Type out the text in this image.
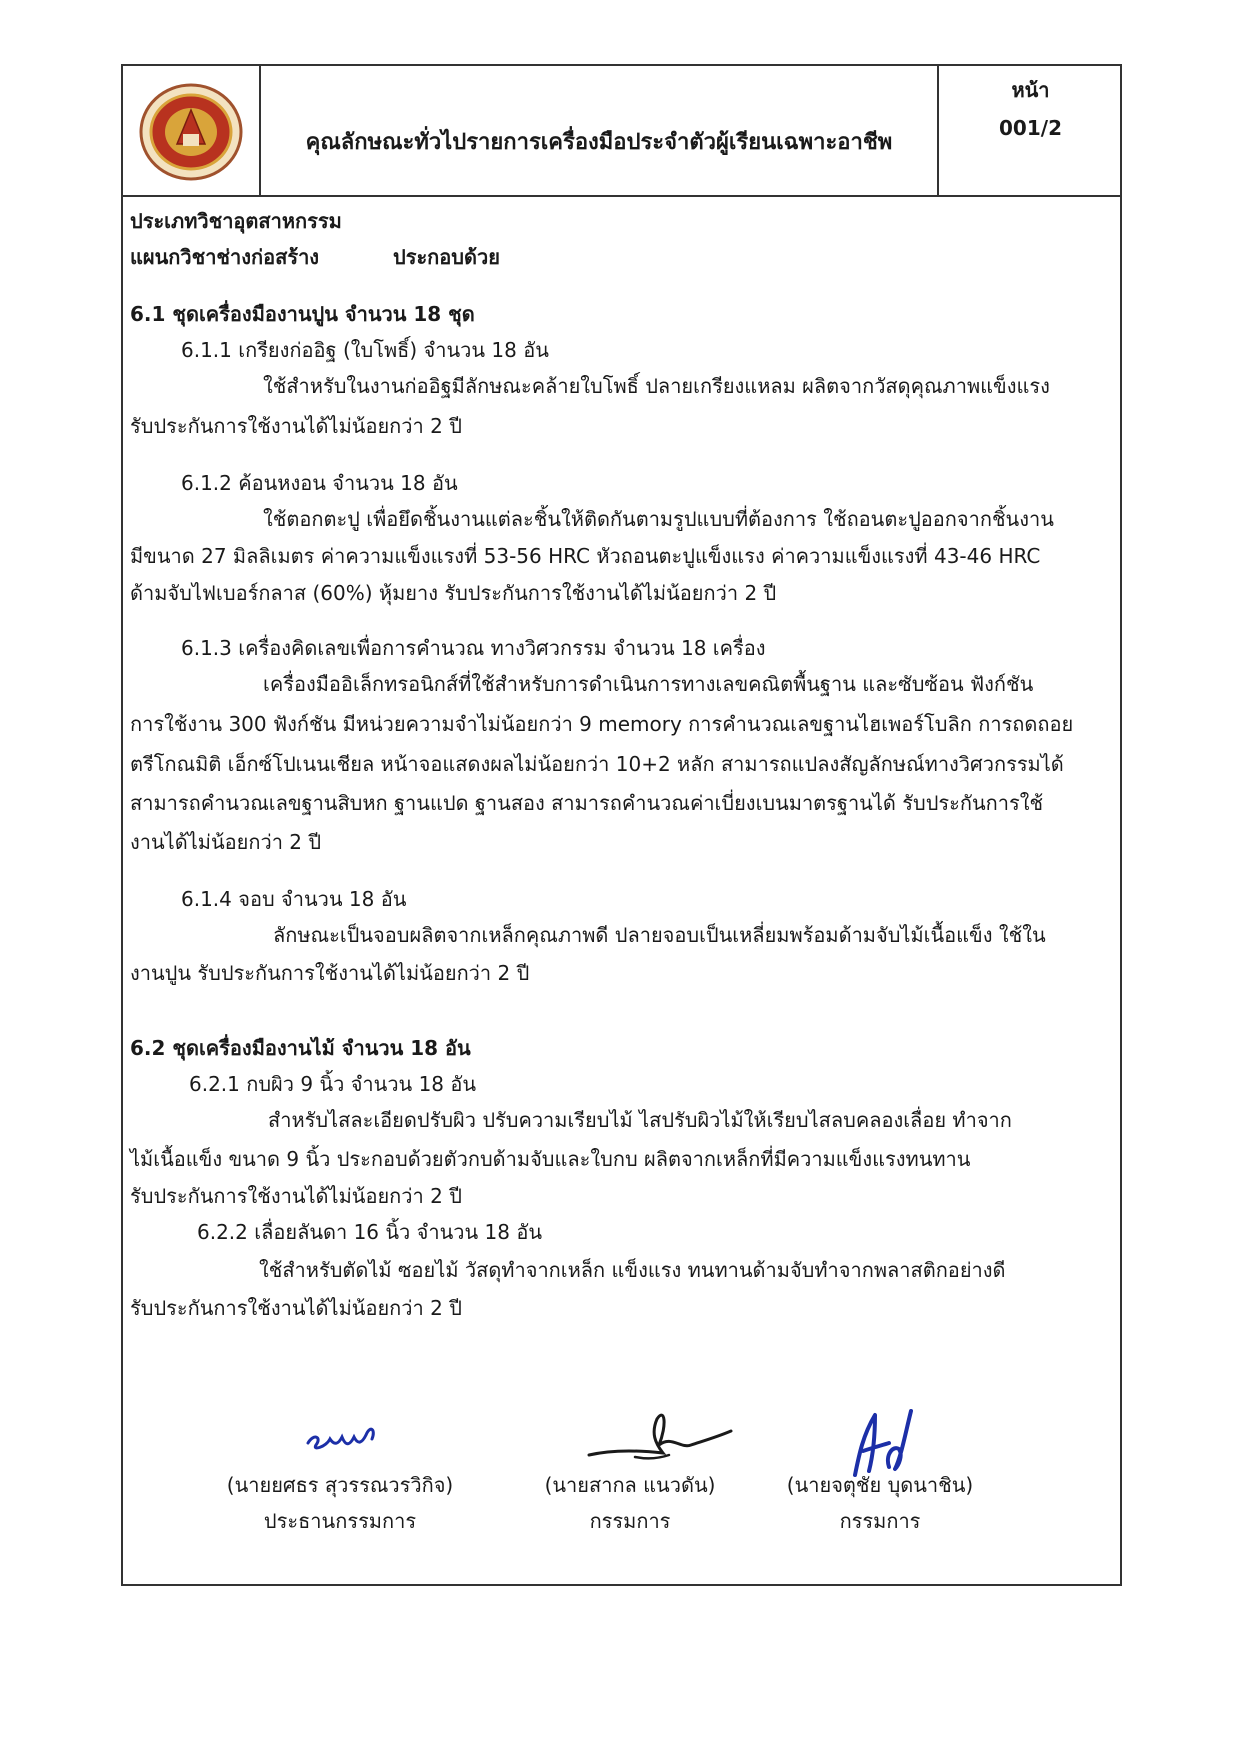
คุณลักษณะทั่วไปรายการเครื่องมือประจำตัวผู้เรียนเฉพาะอาชีพ
หน้า
001/2
ประเภทวิชาอุตสาหกรรม
แผนกวิชาช่างก่อสร้าง	ประกอบด้วย
6.1 ชุดเครื่องมืองานปูน จำนวน 18 ชุด
6.1.1 เกรียงก่ออิฐ (ใบโพธิ์) จำนวน 18 อัน
ใช้สำหรับในงานก่ออิฐมีลักษณะคล้ายใบโพธิ์ ปลายเกรียงแหลม ผลิตจากวัสดุคุณภาพแข็งแรง
รับประกันการใช้งานได้ไม่น้อยกว่า 2 ปี
6.1.2 ค้อนหงอน จำนวน 18 อัน
ใช้ตอกตะปู เพื่อยึดชิ้นงานแต่ละชิ้นให้ติดกันตามรูปแบบที่ต้องการ ใช้ถอนตะปูออกจากชิ้นงาน
มีขนาด 27 มิลลิเมตร ค่าความแข็งแรงที่ 53-56 HRC หัวถอนตะปูแข็งแรง ค่าความแข็งแรงที่ 43-46 HRC
ด้ามจับไฟเบอร์กลาส (60%) หุ้มยาง รับประกันการใช้งานได้ไม่น้อยกว่า 2 ปี
6.1.3 เครื่องคิดเลขเพื่อการคำนวณ ทางวิศวกรรม จำนวน 18 เครื่อง
เครื่องมืออิเล็กทรอนิกส์ที่ใช้สำหรับการดำเนินการทางเลขคณิตพื้นฐาน และซับซ้อน ฟังก์ชัน
การใช้งาน 300 ฟังก์ชัน มีหน่วยความจำไม่น้อยกว่า 9 memory การคำนวณเลขฐานไฮเพอร์โบลิก การถดถอย
ตรีโกณมิติ เอ็กซ์โปเนนเชียล หน้าจอแสดงผลไม่น้อยกว่า 10+2 หลัก สามารถแปลงสัญลักษณ์ทางวิศวกรรมได้
สามารถคำนวณเลขฐานสิบหก ฐานแปด ฐานสอง สามารถคำนวณค่าเบี่ยงเบนมาตรฐานได้ รับประกันการใช้
งานได้ไม่น้อยกว่า 2 ปี
6.1.4 จอบ จำนวน 18 อัน
ลักษณะเป็นจอบผลิตจากเหล็กคุณภาพดี ปลายจอบเป็นเหลี่ยมพร้อมด้ามจับไม้เนื้อแข็ง ใช้ใน
งานปูน รับประกันการใช้งานได้ไม่น้อยกว่า 2 ปี
6.2 ชุดเครื่องมืองานไม้ จำนวน 18 อัน
6.2.1 กบผิว 9 นิ้ว จำนวน 18 อัน
สำหรับไสละเอียดปรับผิว ปรับความเรียบไม้ ไสปรับผิวไม้ให้เรียบไสลบคลองเลื่อย ทำจาก
ไม้เนื้อแข็ง ขนาด 9 นิ้ว ประกอบด้วยตัวกบด้ามจับและใบกบ ผลิตจากเหล็กที่มีความแข็งแรงทนทาน
รับประกันการใช้งานได้ไม่น้อยกว่า 2 ปี
6.2.2 เลื่อยลันดา 16 นิ้ว จำนวน 18 อัน
ใช้สำหรับตัดไม้ ซอยไม้ วัสดุทำจากเหล็ก แข็งแรง ทนทานด้ามจับทำจากพลาสติกอย่างดี
รับประกันการใช้งานได้ไม่น้อยกว่า 2 ปี
(นายยศธร สุวรรณวรวิกิจ)
ประธานกรรมการ
(นายสากล แนวดัน)
กรรมการ
(นายจตุชัย บุดนาชิน)
กรรมการ
